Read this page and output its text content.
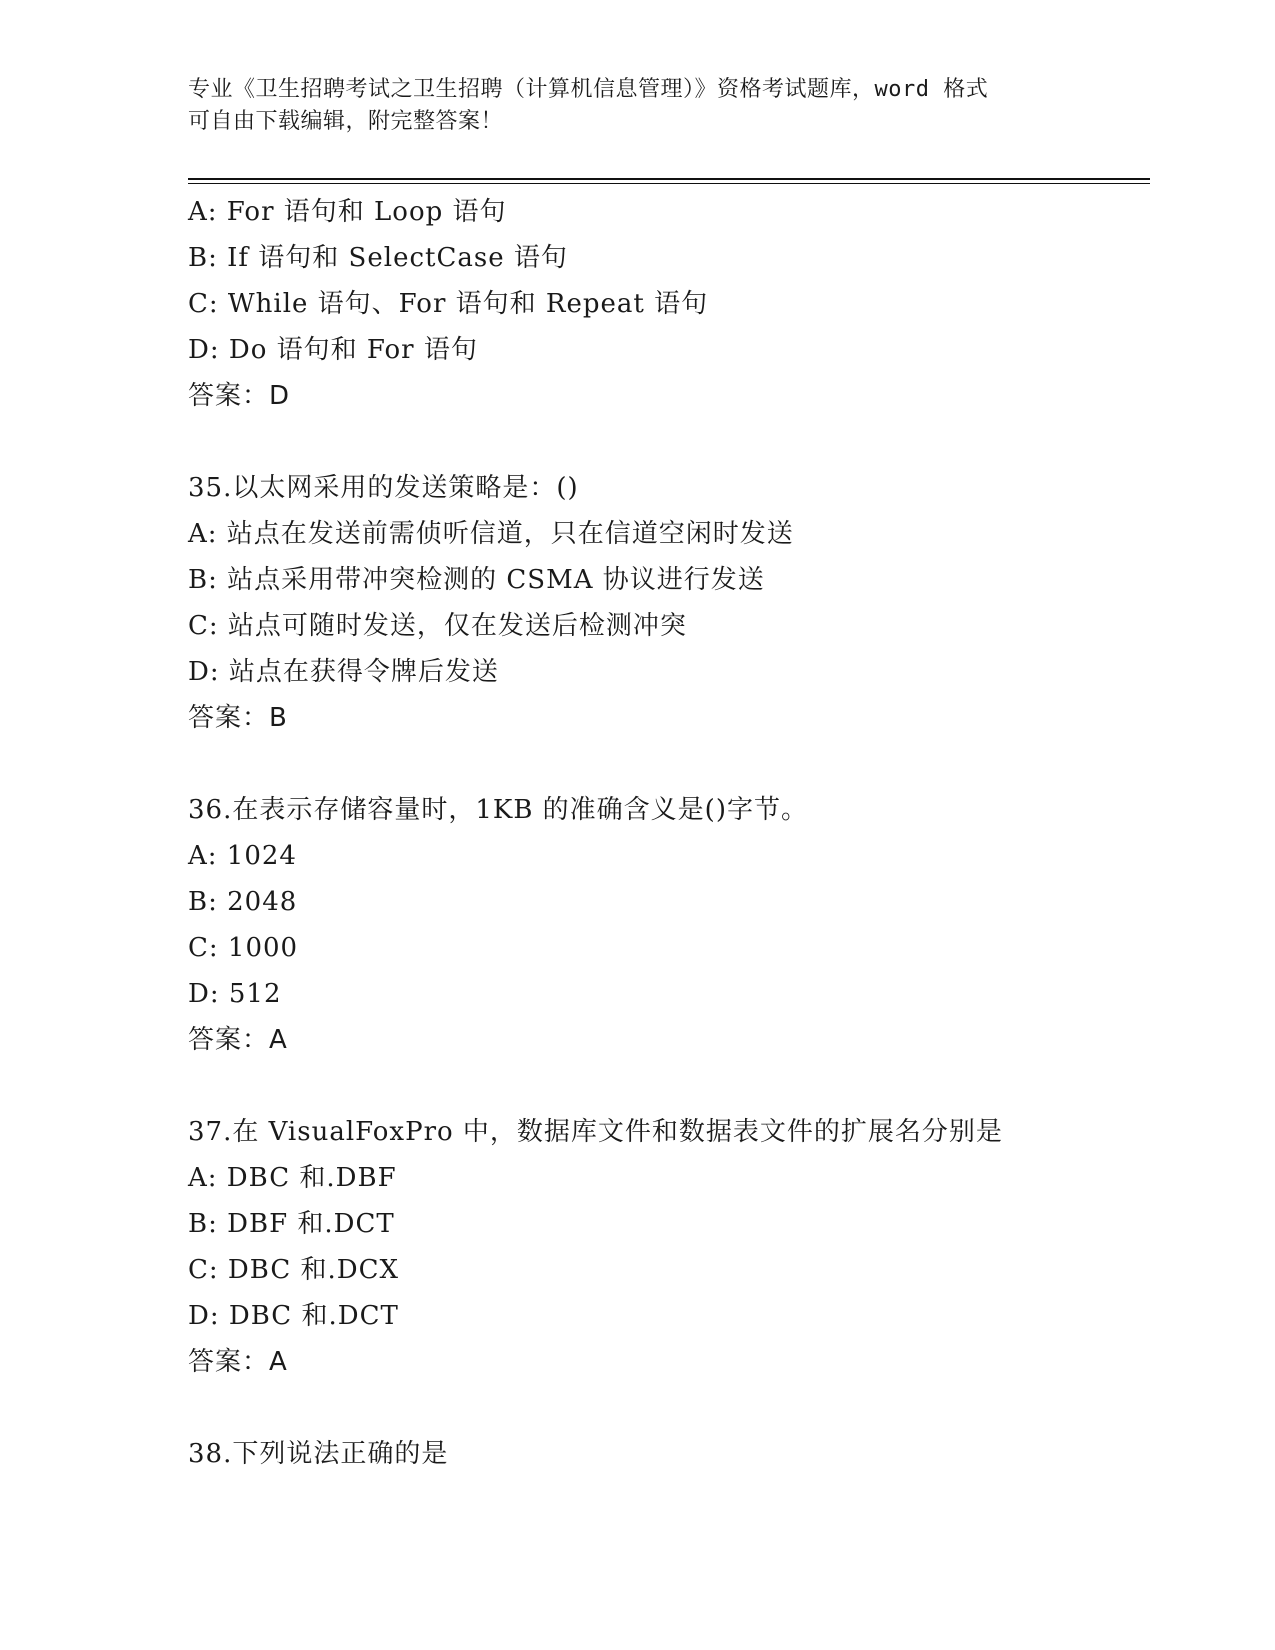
专业《卫生招聘考试之卫生招聘（计算机信息管理）》资格考试题库，word 格式
可自由下载编辑，附完整答案！
A: For 语句和 Loop 语句
B: If 语句和 SelectCase 语句
C: While 语句、For 语句和 Repeat 语句
D: Do 语句和 For 语句
答案：D
35.以太网采用的发送策略是：()
A: 站点在发送前需侦听信道，只在信道空闲时发送
B: 站点采用带冲突检测的 CSMA 协议进行发送
C: 站点可随时发送，仅在发送后检测冲突
D: 站点在获得令牌后发送
答案：B
36.在表示存储容量时，1KB 的准确含义是()字节。
A: 1024
B: 2048
C: 1000
D: 512
答案：A
37.在 VisualFoxPro 中，数据库文件和数据表文件的扩展名分别是
A: DBC 和.DBF
B: DBF 和.DCT
C: DBC 和.DCX
D: DBC 和.DCT
答案：A
38.下列说法正确的是
